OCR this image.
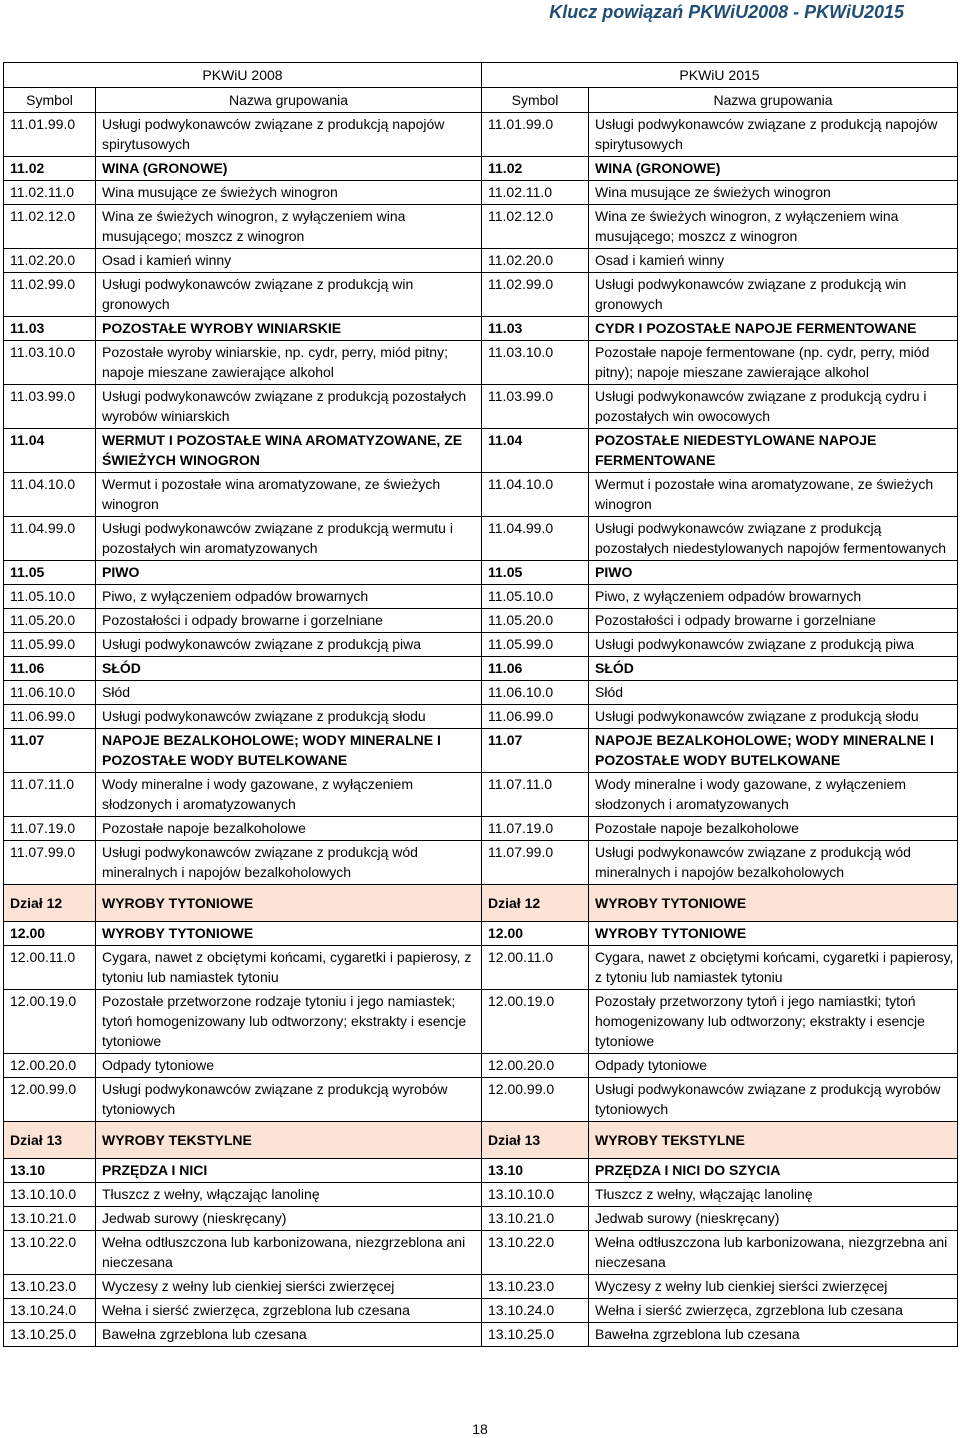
Klucz powiązań PKWiU2008 - PKWiU2015
PKWiU 2008		PKWiU 2015	
Symbol	Nazwa grupowania	Symbol	Nazwa grupowania
11.01.99.0	Usługi podwykonawców związane z produkcją napojów spirytusowych	11.01.99.0	Usługi podwykonawców związane z produkcją napojów spirytusowych
11.02	WINA (GRONOWE)	11.02	WINA (GRONOWE)
11.02.11.0	Wina musujące ze świeżych winogron	11.02.11.0	Wina musujące ze świeżych winogron
11.02.12.0	Wina ze świeżych winogron, z wyłączeniem wina musującego; moszcz z winogron	11.02.12.0	Wina ze świeżych winogron, z wyłączeniem wina musującego; moszcz z winogron
11.02.20.0	Osad i kamień winny	11.02.20.0	Osad i kamień winny
11.02.99.0	Usługi podwykonawców związane z produkcją win gronowych	11.02.99.0	Usługi podwykonawców związane z produkcją win gronowych
11.03	POZOSTAŁE WYROBY WINIARSKIE	11.03	CYDR I POZOSTAŁE NAPOJE FERMENTOWANE
11.03.10.0	Pozostałe wyroby winiarskie, np. cydr, perry, miód pitny; napoje mieszane zawierające alkohol	11.03.10.0	Pozostałe napoje fermentowane (np. cydr, perry, miód pitny); napoje mieszane zawierające alkohol
11.03.99.0	Usługi podwykonawców związane z produkcją pozostałych wyrobów winiarskich	11.03.99.0	Usługi podwykonawców związane z produkcją cydru i pozostałych win owocowych
11.04	WERMUT I POZOSTAŁE WINA AROMATYZOWANE, ZE ŚWIEŻYCH WINOGRON	11.04	POZOSTAŁE NIEDESTYLOWANE NAPOJE FERMENTOWANE
11.04.10.0	Wermut i pozostałe wina aromatyzowane, ze świeżych winogron	11.04.10.0	Wermut i pozostałe wina aromatyzowane, ze świeżych winogron
11.04.99.0	Usługi podwykonawców związane z produkcją wermutu i pozostałych win aromatyzowanych	11.04.99.0	Usługi podwykonawców związane z produkcją pozostałych niedestylowanych napojów fermentowanych
11.05	PIWO	11.05	PIWO
11.05.10.0	Piwo, z wyłączeniem odpadów browarnych	11.05.10.0	Piwo, z wyłączeniem odpadów browarnych
11.05.20.0	Pozostałości i odpady browarne i gorzelniane	11.05.20.0	Pozostałości i odpady browarne i gorzelniane
11.05.99.0	Usługi podwykonawców związane z produkcją piwa	11.05.99.0	Usługi podwykonawców związane z produkcją piwa
11.06	SŁÓD	11.06	SŁÓD
11.06.10.0	Słód	11.06.10.0	Słód
11.06.99.0	Usługi podwykonawców związane z produkcją słodu	11.06.99.0	Usługi podwykonawców związane z produkcją słodu
11.07	NAPOJE BEZALKOHOLOWE; WODY MINERALNE I POZOSTAŁE WODY BUTELKOWANE	11.07	NAPOJE BEZALKOHOLOWE; WODY MINERALNE I POZOSTAŁE WODY BUTELKOWANE
11.07.11.0	Wody mineralne i wody gazowane, z wyłączeniem słodzonych i aromatyzowanych	11.07.11.0	Wody mineralne i wody gazowane, z wyłączeniem słodzonych i aromatyzowanych
11.07.19.0	Pozostałe napoje bezalkoholowe	11.07.19.0	Pozostałe napoje bezalkoholowe
11.07.99.0	Usługi podwykonawców związane z produkcją wód mineralnych i napojów bezalkoholowych	11.07.99.0	Usługi podwykonawców związane z produkcją wód mineralnych i napojów bezalkoholowych
Dział 12	WYROBY TYTONIOWE	Dział 12	WYROBY TYTONIOWE
12.00	WYROBY TYTONIOWE	12.00	WYROBY TYTONIOWE
12.00.11.0	Cygara, nawet z obciętymi końcami, cygaretki i papierosy, z tytoniu lub namiastek tytoniu	12.00.11.0	Cygara, nawet z obciętymi końcami, cygaretki i papierosy, z tytoniu lub namiastek tytoniu
12.00.19.0	Pozostałe przetworzone rodzaje tytoniu i jego namiastek; tytoń homogenizowany lub odtworzony; ekstrakty i esencje tytoniowe	12.00.19.0	Pozostały przetworzony tytoń i jego namiastki; tytoń homogenizowany lub odtworzony; ekstrakty i esencje tytoniowe
12.00.20.0	Odpady tytoniowe	12.00.20.0	Odpady tytoniowe
12.00.99.0	Usługi podwykonawców związane z produkcją wyrobów tytoniowych	12.00.99.0	Usługi podwykonawców związane z produkcją wyrobów tytoniowych
Dział 13	WYROBY TEKSTYLNE	Dział 13	WYROBY TEKSTYLNE
13.10	PRZĘDZA I NICI	13.10	PRZĘDZA I NICI DO SZYCIA
13.10.10.0	Tłuszcz z wełny, włączając lanolinę	13.10.10.0	Tłuszcz z wełny, włączając lanolinę
13.10.21.0	Jedwab surowy (nieskręcany)	13.10.21.0	Jedwab surowy (nieskręcany)
13.10.22.0	Wełna odtłuszczona lub karbonizowana, niezgrzeblona ani nieczesana	13.10.22.0	Wełna odtłuszczona lub karbonizowana, niezgrzebna ani nieczesana
13.10.23.0	Wyczesy z wełny lub cienkiej sierści zwierzęcej	13.10.23.0	Wyczesy z wełny lub cienkiej sierści zwierzęcej
13.10.24.0	Wełna i sierść zwierzęca, zgrzeblona lub czesana	13.10.24.0	Wełna i sierść zwierzęca, zgrzeblona lub czesana
13.10.25.0	Bawełna zgrzeblona lub czesana	13.10.25.0	Bawełna zgrzeblona lub czesana
18
